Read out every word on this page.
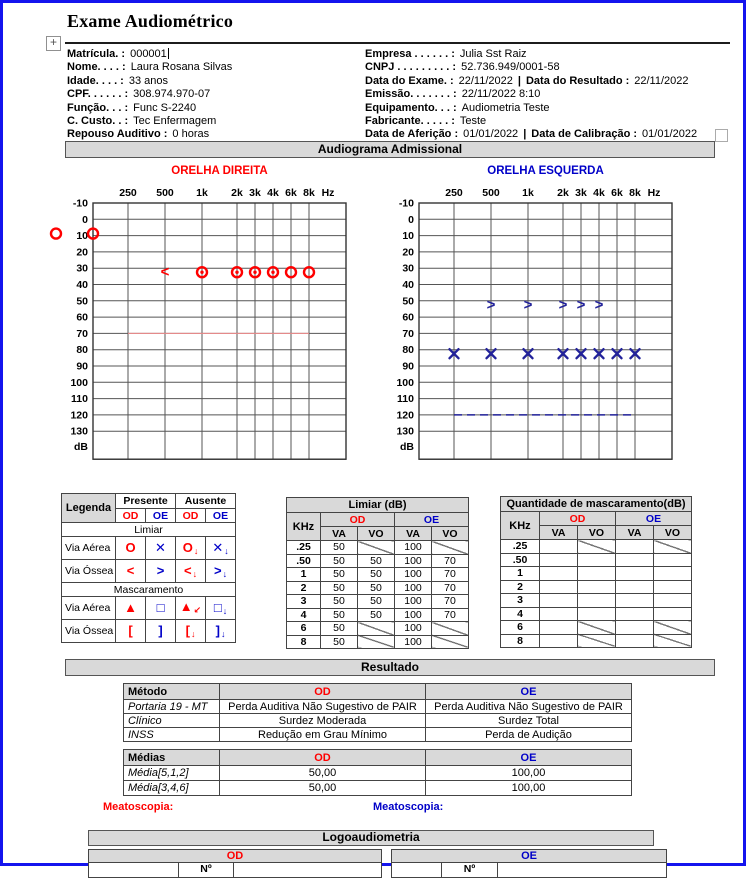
Exame Audiométrico
+
Matrícula. : 000001
Nome. . . . : Laura Rosana Silvas
Idade. . . . : 33 anos
CPF. . . . . . : 308.974.970-07
Função. . . : Func S-2240
C. Custo. . : Tec Enfermagem
Repouso Auditivo : 0 horas
Empresa . . . . . . : Julia Sst Raiz
CNPJ . . . . . . . . . : 52.736.949/0001-58
Data do Exame. : 22/11/2022 | Data do Resultado : 22/11/2022
Emissão. . . . . . . : 22/11/2022 8:10
Equipamento. . . : Audiometria Teste
Fabricante. . . . . : Teste
Data de Aferição : 01/01/2022 | Data de Calibração : 01/01/2022
Audiograma Admissional
ORELHA DIREITA
-10
0
10
20
30
40
50
60
70
80
90
100
110
120
130
dB
250 500 1k 2k 3k 4k 6k 8k Hz
<
ORELHA ESQUERDA
-10
0
10
20
30
40
50
60
70
80
90
100
110
120
130
dB
250 500 1k 2k 3k 4k 6k 8k Hz
> > > > >
Legenda	Presente		Ausente	
	OD	OE	OD	OE
Limiar				
Via Aérea	O	✕	O↓	✕↓
Via Óssea	<	>	<↓	>↓
Mascaramento				
Via Aérea	▲	□	▲↙	□↓
Via Óssea	[	]	[↓	]↓
Limiar (dB)				
KHz	OD		OE	
	VA	VO	VA	VO
.25	50		100	
.50	50	50	100	70
1	50	50	100	70
2	50	50	100	70
3	50	50	100	70
4	50	50	100	70
6	50		100	
8	50		100	
Quantidade de mascaramento(dB)				
KHz	OD		OE	
	VA	VO	VA	VO
.25				
.50				
1				
2				
3				
4				
6				
8				
Resultado
Método	OD	OE
Portaria 19 - MT	Perda Auditiva Não Sugestivo de PAIR	Perda Auditiva Não Sugestivo de PAIR
Clínico	Surdez Moderada	Surdez Total
INSS	Redução em Grau Mínimo	Perda de Audição
Médias	OD	OE
Média[5,1,2]	50,00	100,00
Média[3,4,6]	50,00	100,00
Meatoscopia:	Meatoscopia:
Logoaudiometria
OD
	Nº	
OE
	Nº	
